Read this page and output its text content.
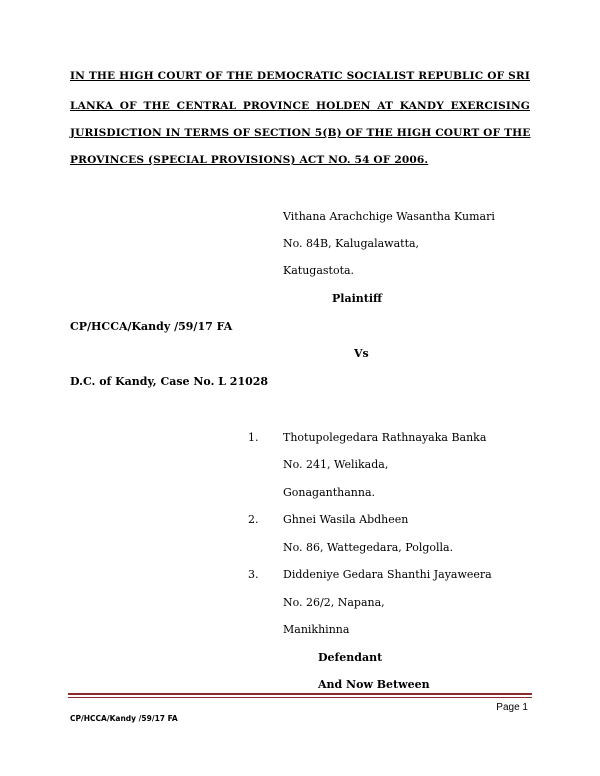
IN THE HIGH COURT OF THE DEMOCRATIC SOCIALIST REPUBLIC OF SRI
LANKA OF THE CENTRAL PROVINCE HOLDEN AT KANDY EXERCISING
JURISDICTION IN TERMS OF SECTION 5(B) OF THE HIGH COURT OF THE
PROVINCES (SPECIAL PROVISIONS) ACT NO. 54 OF 2006.
Vithana Arachchige Wasantha Kumari
No. 84B, Kalugalawatta,
Katugastota.
Plaintiff
CP/HCCA/Kandy /59/17 FA
Vs
D.C. of Kandy, Case No. L 21028
1. Thotupolegedara Rathnayaka Banka
No. 241, Welikada,
Gonaganthanna.
2. Ghnei Wasila Abdheen
No. 86, Wattegedara, Polgolla.
3. Diddeniye Gedara Shanthi Jayaweera
No. 26/2, Napana,
Manikhinna
Defendant
And Now Between
Page 1
CP/HCCA/Kandy /59/17 FA
